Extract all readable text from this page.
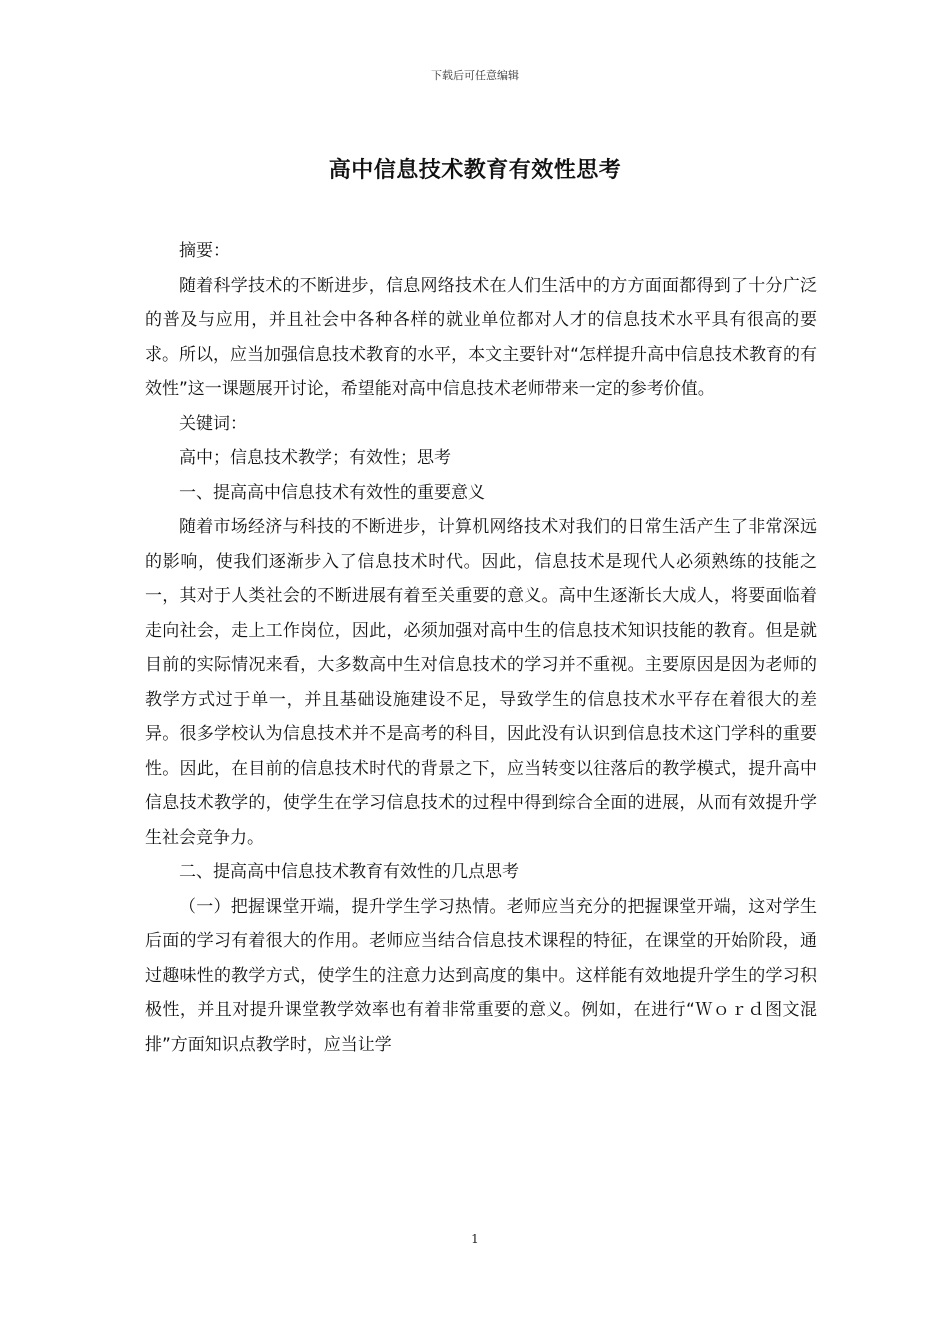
下载后可任意编辑
高中信息技术教育有效性思考

摘要：

随着科学技术的不断进步，信息网络技术在人们生活中的方方面面都得到了十分广泛的普及与应用，并且社会中各种各样的就业单位都对人才的信息技术水平具有很高的要求。所以，应当加强信息技术教育的水平，本文主要针对“怎样提升高中信息技术教育的有效性”这一课题展开讨论，希望能对高中信息技术老师带来一定的参考价值。

关键词：

高中；信息技术教学；有效性；思考

一、提高高中信息技术有效性的重要意义

随着市场经济与科技的不断进步，计算机网络技术对我们的日常生活产生了非常深远的影响，使我们逐渐步入了信息技术时代。因此，信息技术是现代人必须熟练的技能之一，其对于人类社会的不断进展有着至关重要的意义。高中生逐渐长大成人，将要面临着走向社会，走上工作岗位，因此，必须加强对高中生的信息技术知识技能的教育。但是就目前的实际情况来看，大多数高中生对信息技术的学习并不重视。主要原因是因为老师的教学方式过于单一，并且基础设施建设不足，导致学生的信息技术水平存在着很大的差异。很多学校认为信息技术并不是高考的科目，因此没有认识到信息技术这门学科的重要性。因此，在目前的信息技术时代的背景之下，应当转变以往落后的教学模式，提升高中信息技术教学的，使学生在学习信息技术的过程中得到综合全面的进展，从而有效提升学生社会竞争力。

二、提高高中信息技术教育有效性的几点思考

（一）把握课堂开端，提升学生学习热情。老师应当充分的把握课堂开端，这对学生后面的学习有着很大的作用。老师应当结合信息技术课程的特征，在课堂的开始阶段，通过趣味性的教学方式，使学生的注意力达到高度的集中。这样能有效地提升学生的学习积极性，并且对提升课堂教学效率也有着非常重要的意义。例如，在进行“Ｗｏｒｄ图文混排”方面知识点教学时，应当让学

1
